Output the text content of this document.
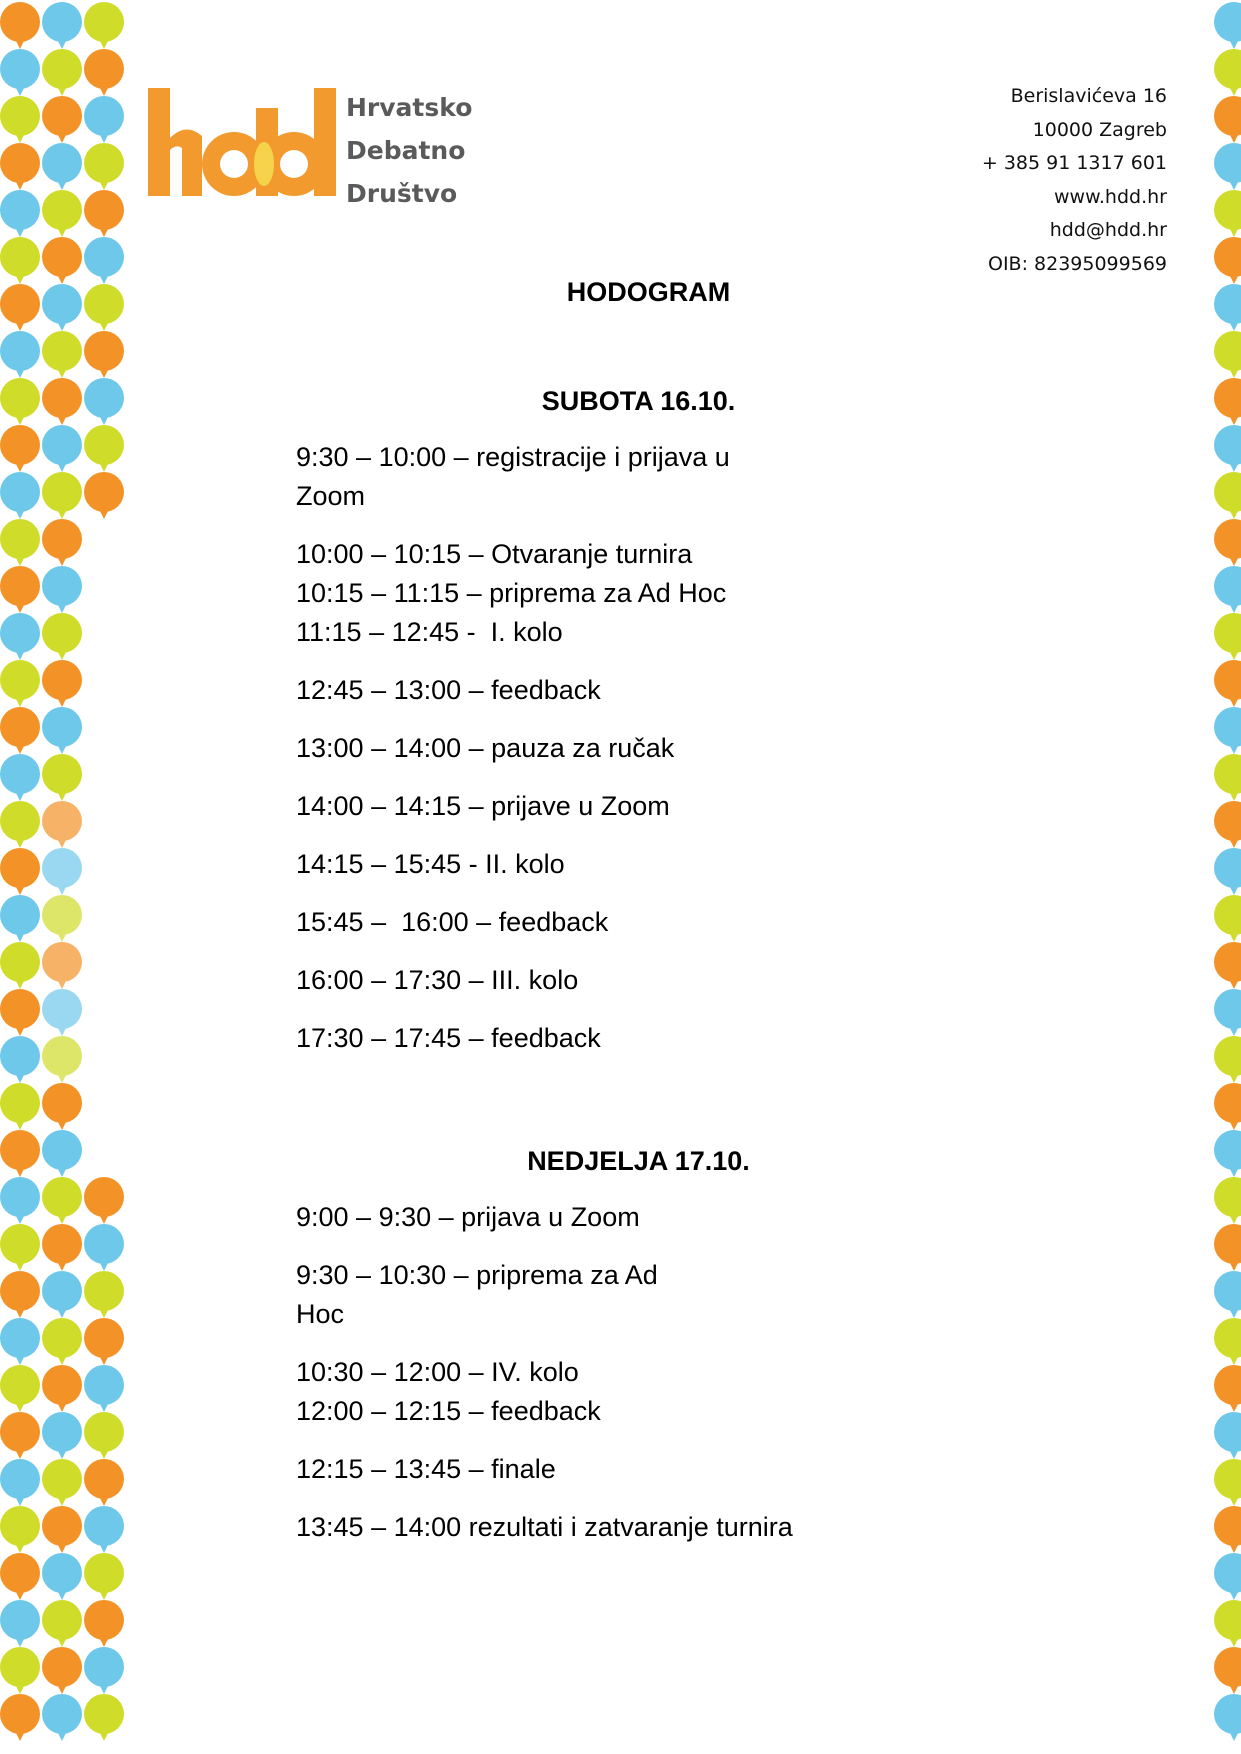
Hrvatsko
Debatno
Društvo
Berislavićeva 16
10000 Zagreb
+ 385 91 1317 601
www.hdd.hr
hdd@hdd.hr
OIB: 82395099569
HODOGRAM
SUBOTA 16.10.
9:30 – 10:00 – registracije i prijava u
Zoom
10:00 – 10:15 – Otvaranje turnira
10:15 – 11:15 – priprema za Ad Hoc
11:15 – 12:45 -  I. kolo
12:45 – 13:00 – feedback
13:00 – 14:00 – pauza za ručak
14:00 – 14:15 – prijave u Zoom
14:15 – 15:45 - II. kolo
15:45 –  16:00 – feedback
16:00 – 17:30 – III. kolo
17:30 – 17:45 – feedback
NEDJELJA 17.10.
9:00 – 9:30 – prijava u Zoom
9:30 – 10:30 – priprema za Ad
Hoc
10:30 – 12:00 – IV. kolo
12:00 – 12:15 – feedback
12:15 – 13:45 – finale
13:45 – 14:00 rezultati i zatvaranje turnira
